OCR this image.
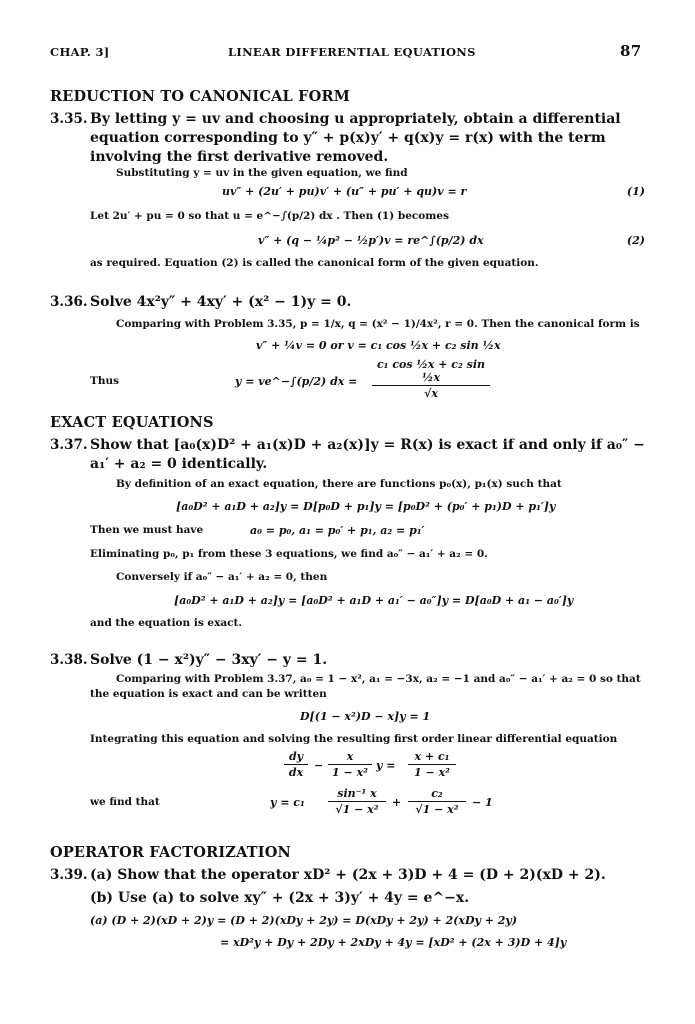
CHAP. 3]	LINEAR DIFFERENTIAL EQUATIONS	87
REDUCTION TO CANONICAL FORM
3.35. By letting y = uv and choosing u appropriately, obtain a differential equation corresponding to y″ + p(x)y′ + q(x)y = r(x) with the term involving the first derivative removed.
Substituting y = uv in the given equation, we find
uv″ + (2u′ + pu)v′ + (u″ + pu′ + qu)v = r	(1)
Let 2u′ + pu = 0 so that u = e^−∫(p/2) dx . Then (1) becomes
v″ + (q − ¼p² − ½p′)v = re^∫(p/2) dx	(2)
as required. Equation (2) is called the canonical form of the given equation.
3.36. Solve 4x²y″ + 4xy′ + (x² − 1)y = 0.
Comparing with Problem 3.35, p = 1/x, q = (x² − 1)/4x², r = 0. Then the canonical form is
v″ + ¼v = 0 or v = c₁ cos ½x + c₂ sin ½x
Thus	y = ve^−∫(p/2) dx = $\frac{\text{c₁ cos ½x + c₂ sin ½x}}{√x}$
EXACT EQUATIONS
3.37. Show that [a₀(x)D² + a₁(x)D + a₂(x)]y = R(x) is exact if and only if a₀″ − a₁′ + a₂ = 0 identically.
By definition of an exact equation, there are functions p₀(x), p₁(x) such that
[a₀D² + a₁D + a₂]y = D[p₀D + p₁]y = [p₀D² + (p₀′ + p₁)D + p₁′]y
Then we must have	a₀ = p₀, a₁ = p₀′ + p₁, a₂ = p₁′
Eliminating p₀, p₁ from these 3 equations, we find a₀″ − a₁′ + a₂ = 0.
Conversely if a₀″ − a₁′ + a₂ = 0, then
[a₀D² + a₁D + a₂]y = [a₀D² + a₁D + a₁′ − a₀″]y = D[a₀D + a₁ − a₀′]y
and the equation is exact.
3.38. Solve (1 − x²)y″ − 3xy′ − y = 1.
Comparing with Problem 3.37, a₀ = 1 − x², a₁ = −3x, a₂ = −1 and a₀″ − a₁′ + a₂ = 0 so that
the equation is exact and can be written
D[(1 − x²)D − x]y = 1
Integrating this equation and solving the resulting first order linear differential equation
$\frac{dy}{dx} - \frac{x}{\text{1 − x²}}$ $y = \frac{\text{x + c₁}}{\text{1 − x²}}$
we find that	$y = c_1 \frac{\text{sin⁻¹ x}}{\text{√1 − x²}} + \frac{\text{c₂}}{\text{√1 − x²}} - 1$
OPERATOR FACTORIZATION
3.39. (a) Show that the operator xD² + (2x + 3)D + 4 = (D + 2)(xD + 2).
(b) Use (a) to solve xy″ + (2x + 3)y′ + 4y = e^−x.
(a) (D + 2)(xD + 2)y = (D + 2)(xDy + 2y) = D(xDy + 2y) + 2(xDy + 2y)
= xD²y + Dy + 2Dy + 2xDy + 4y = [xD² + (2x + 3)D + 4]y
